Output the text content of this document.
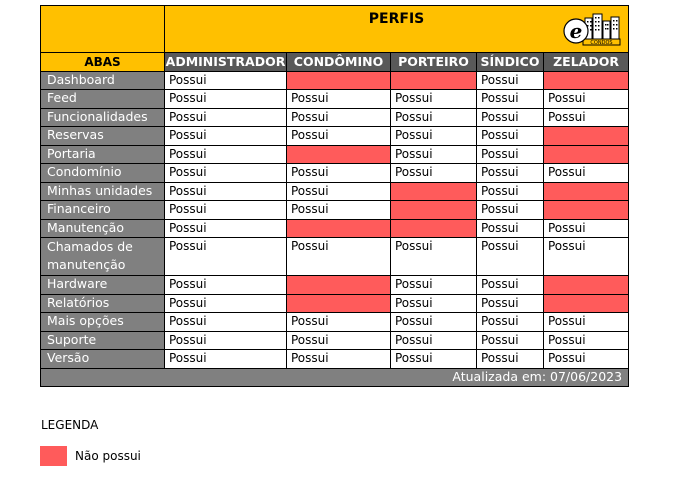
	PERFIS
CONDOS
e				

ABAS	ADMINISTRADOR	CONDÔMINO	PORTEIRO	SÍNDICO	ZELADOR
Dashboard	Possui			Possui	
Feed	Possui	Possui	Possui	Possui	Possui
Funcionalidades	Possui	Possui	Possui	Possui	Possui
Reservas	Possui	Possui	Possui	Possui	
Portaria	Possui		Possui	Possui	
Condomínio	Possui	Possui	Possui	Possui	Possui
Minhas unidades	Possui	Possui		Possui	
Financeiro	Possui	Possui		Possui	
Manutenção	Possui			Possui	Possui
Chamados de manutenção	Possui	Possui	Possui	Possui	Possui
Hardware	Possui		Possui	Possui	
Relatórios	Possui		Possui	Possui	
Mais opções	Possui	Possui	Possui	Possui	Possui
Suporte	Possui	Possui	Possui	Possui	Possui
Versão	Possui	Possui	Possui	Possui	Possui
Atualizada em: 07/06/2023					
LEGENDA
Não possui
